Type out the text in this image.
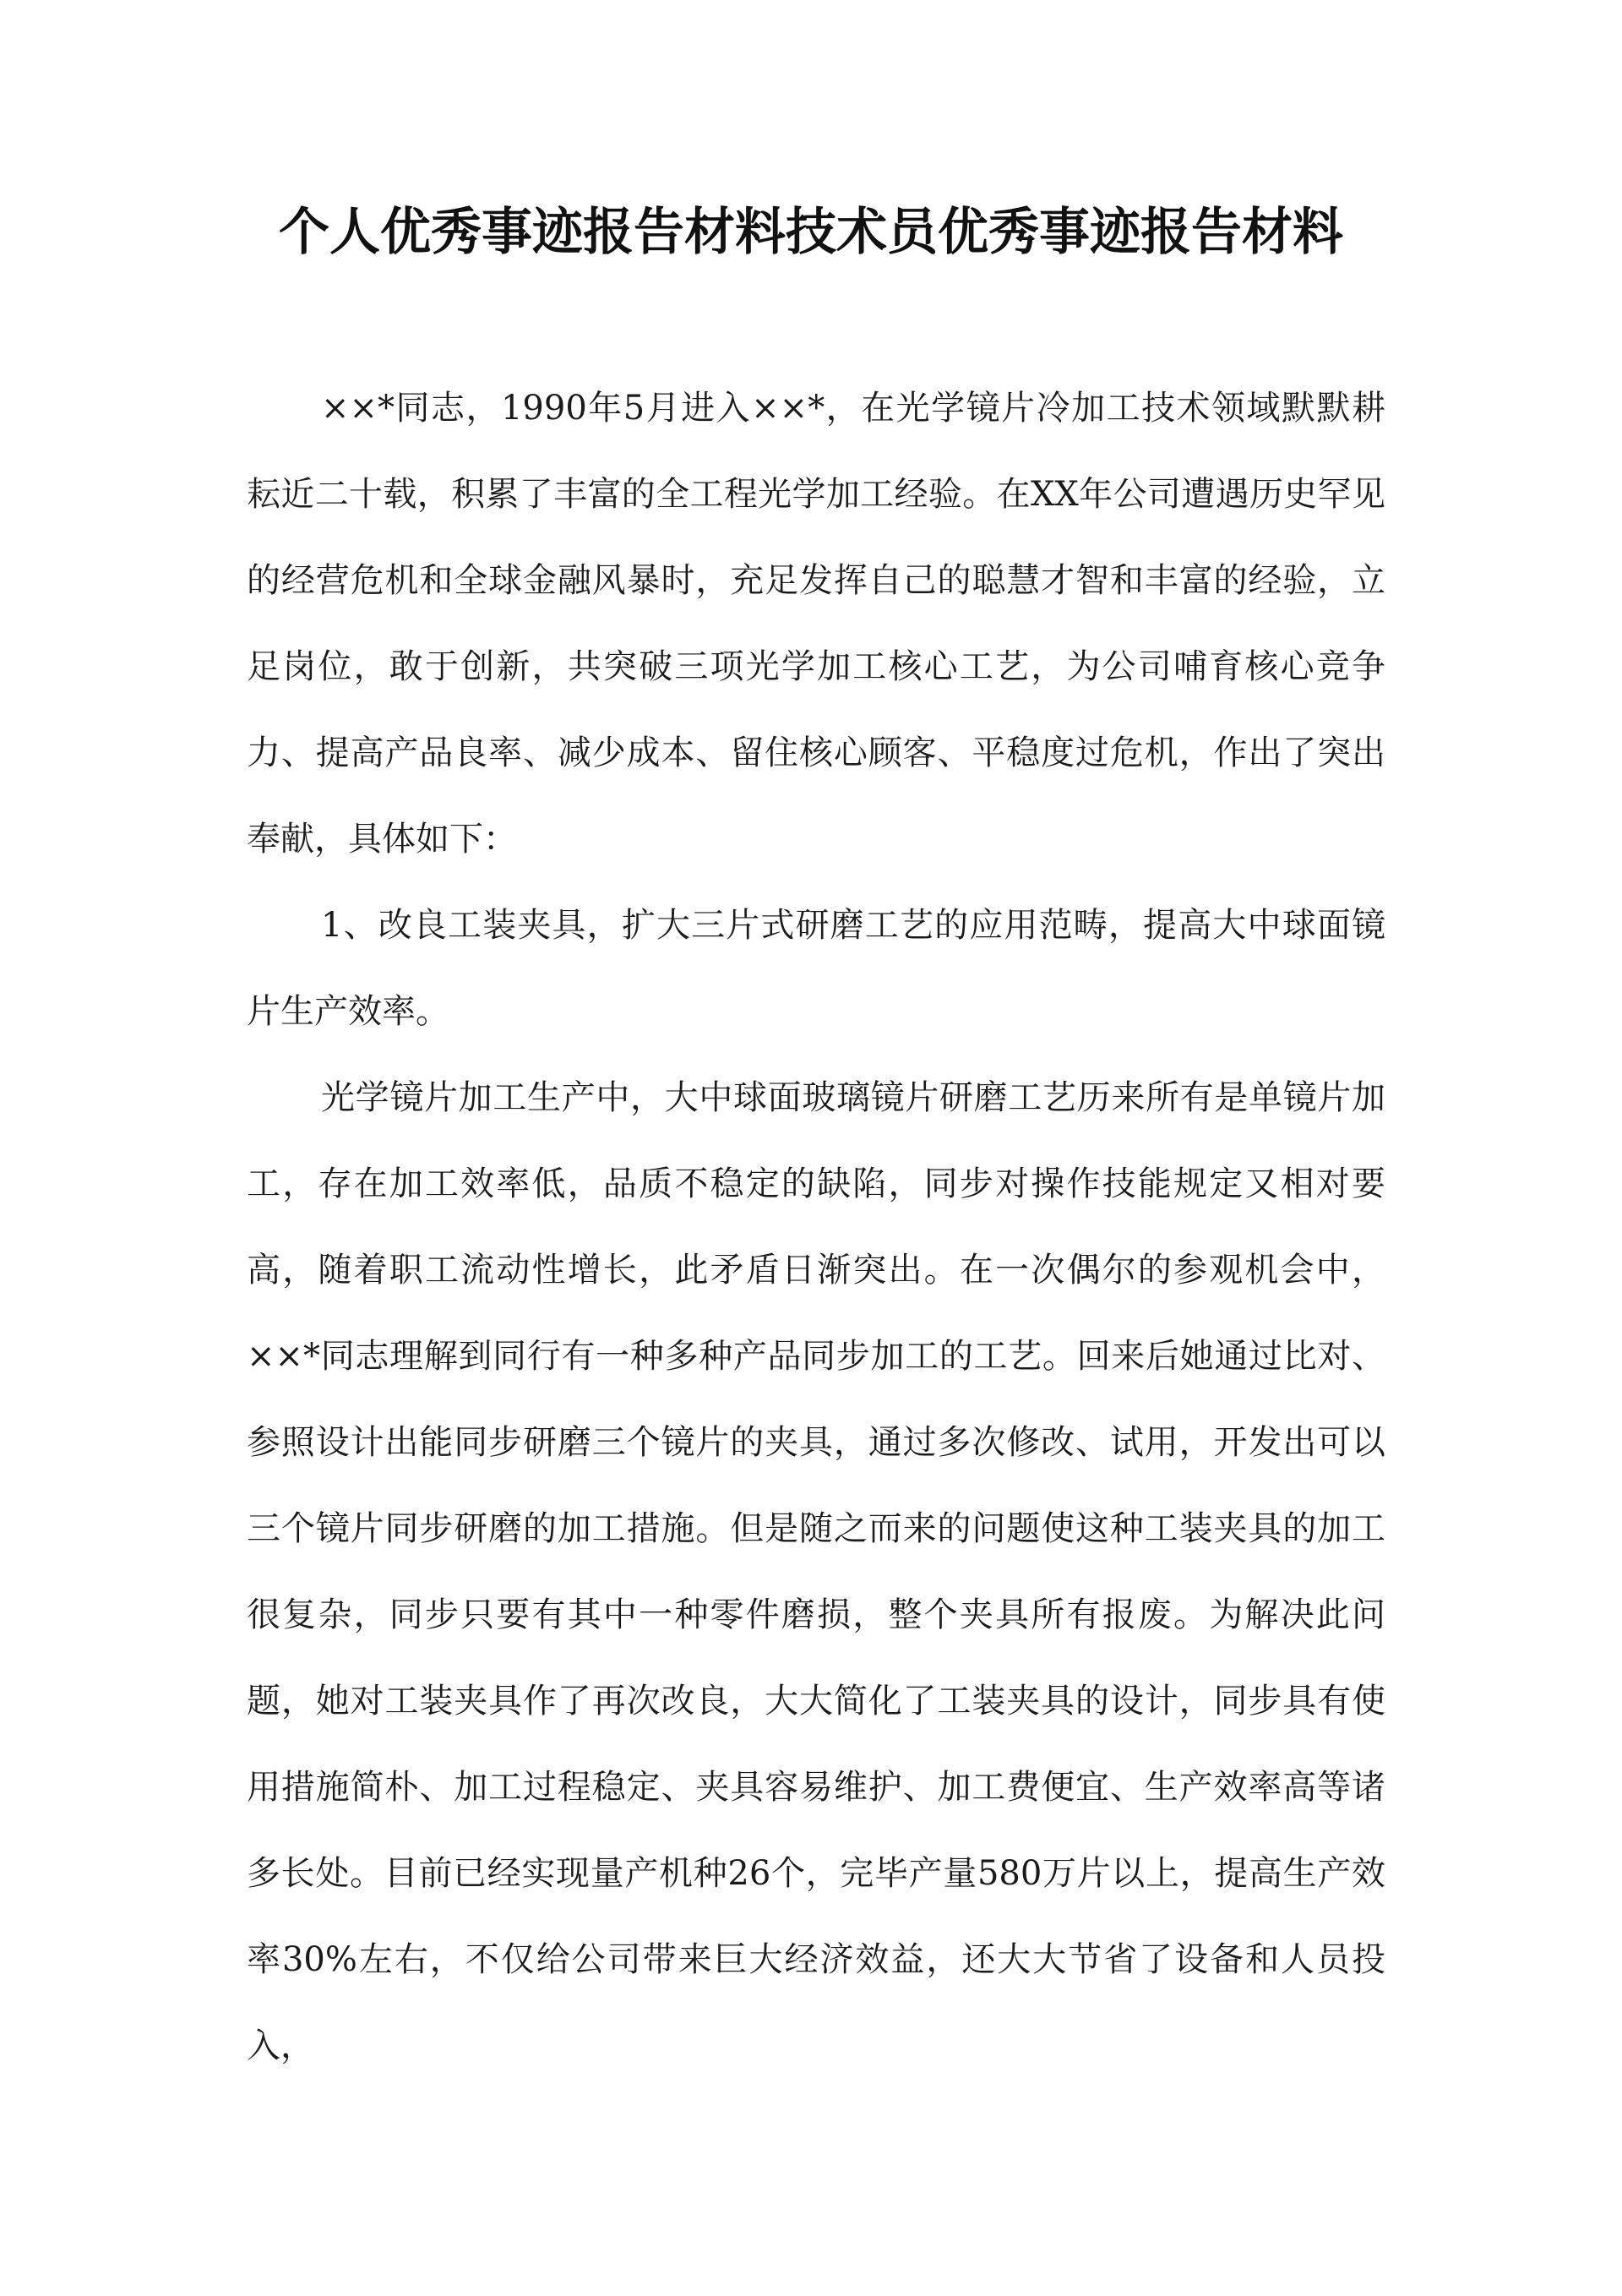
个人优秀事迹报告材料技术员优秀事迹报告材料

××*同志，1990年5月进入××*，在光学镜片冷加工技术领域默默耕耘近二十载，积累了丰富的全工程光学加工经验。在XX年公司遭遇历史罕见的经营危机和全球金融风暴时，充足发挥自己的聪慧才智和丰富的经验，立足岗位，敢于创新，共突破三项光学加工核心工艺，为公司哺育核心竞争力、提高产品良率、减少成本、留住核心顾客、平稳度过危机，作出了突出奉献，具体如下：

1、改良工装夹具，扩大三片式研磨工艺的应用范畴，提高大中球面镜片生产效率。

光学镜片加工生产中，大中球面玻璃镜片研磨工艺历来所有是单镜片加工，存在加工效率低，品质不稳定的缺陷，同步对操作技能规定又相对要高，随着职工流动性增长，此矛盾日渐突出。在一次偶尔的参观机会中，××*同志理解到同行有一种多种产品同步加工的工艺。回来后她通过比对、参照设计出能同步研磨三个镜片的夹具，通过多次修改、试用，开发出可以三个镜片同步研磨的加工措施。但是随之而来的问题使这种工装夹具的加工很复杂，同步只要有其中一种零件磨损，整个夹具所有报废。为解决此问题，她对工装夹具作了再次改良，大大简化了工装夹具的设计，同步具有使用措施简朴、加工过程稳定、夹具容易维护、加工费便宜、生产效率高等诸多长处。目前已经实现量产机种26个，完毕产量580万片以上，提高生产效率30%左右，不仅给公司带来巨大经济效益，还大大节省了设备和人员投入，
